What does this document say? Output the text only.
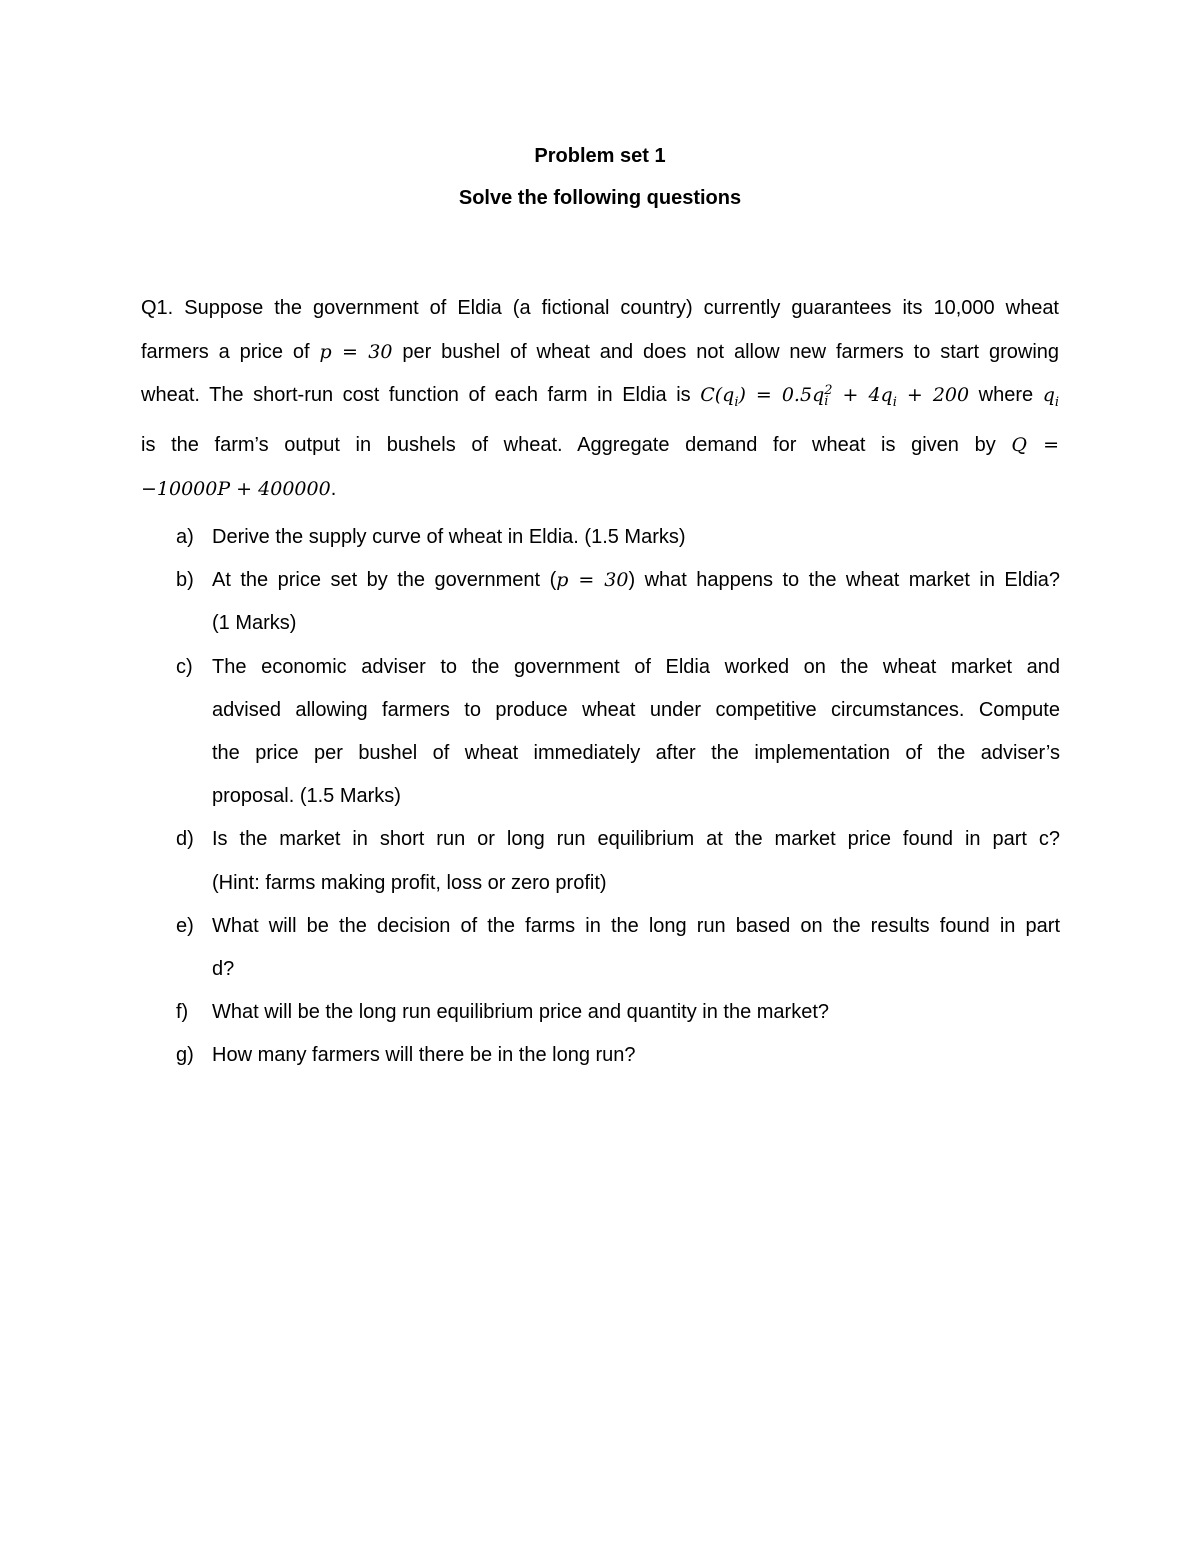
Problem set 1
Solve the following questions
Q1. Suppose the government of Eldia (a fictional country) currently guarantees its 10,000 wheat
farmers a price of p = 30 per bushel of wheat and does not allow new farmers to start growing
wheat. The short-run cost function of each farm in Eldia is $C(q_i) = 0.5q$ 2
$i + 4q_i + 200$ where $q_i$
is the farm’s output in bushels of wheat. Aggregate demand for wheat is given by Q =
−10000P + 400000.
a) Derive the supply curve of wheat in Eldia. (1.5 Marks)
b) At the price set by the government (p = 30) what happens to the wheat market in Eldia?
(1 Marks)
c) The economic adviser to the government of Eldia worked on the wheat market and
advised allowing farmers to produce wheat under competitive circumstances. Compute
the price per bushel of wheat immediately after the implementation of the adviser’s
proposal. (1.5 Marks)
d) Is the market in short run or long run equilibrium at the market price found in part c?
(Hint: farms making profit, loss or zero profit)
e) What will be the decision of the farms in the long run based on the results found in part
d?
f)	What will be the long run equilibrium price and quantity in the market?
g) How many farmers will there be in the long run?
